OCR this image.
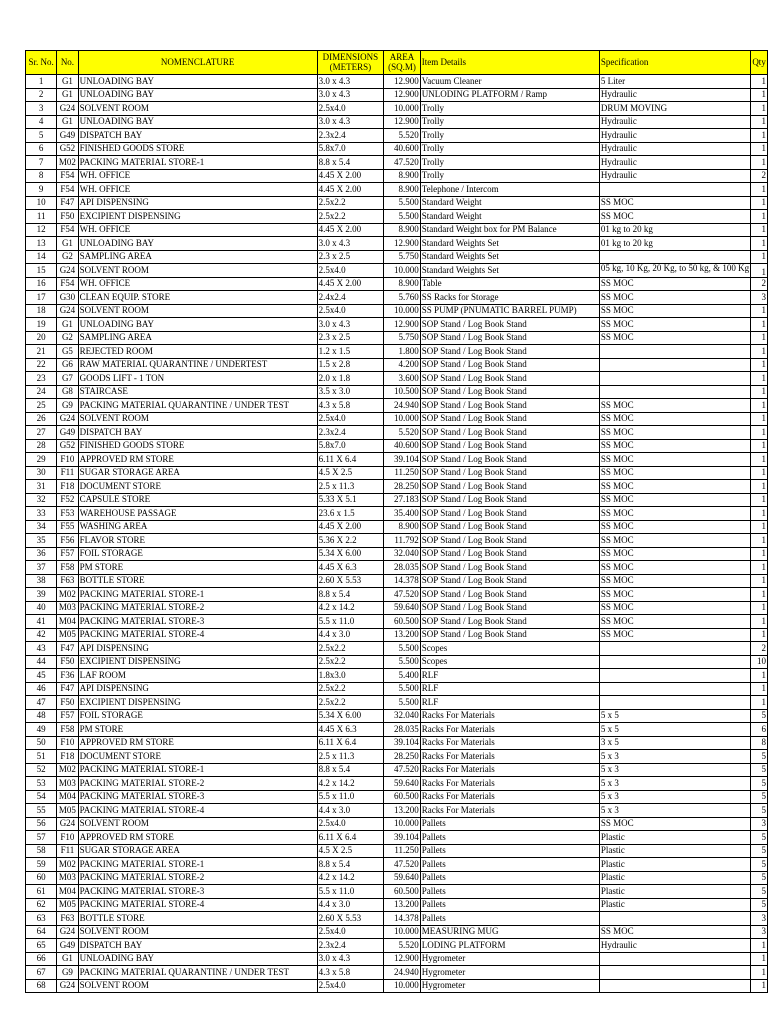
Sr. No.	No.	NOMENCLATURE	DIMENSIONS (METERS)	AREA (SQ.M)	Item Details	Specification	Qty
1	G1	UNLOADING BAY	3.0 x 4.3	12.900	Vacuum Cleaner	5 Liter	1
2	G1	UNLOADING BAY	3.0 x 4.3	12.900	UNLODING PLATFORM / Ramp	Hydraulic	1
3	G24	SOLVENT ROOM	2.5x4.0	10.000	Trolly	DRUM MOVING	1
4	G1	UNLOADING BAY	3.0 x 4.3	12.900	Trolly	Hydraulic	1
5	G49	DISPATCH BAY	2.3x2.4	5.520	Trolly	Hydraulic	1
6	G52	FINISHED GOODS STORE	5.8x7.0	40.600	Trolly	Hydraulic	1
7	M02	PACKING MATERIAL STORE-1	8.8 x 5.4	47.520	Trolly	Hydraulic	1
8	F54	WH. OFFICE	4.45 X 2.00	8.900	Trolly	Hydraulic	2
9	F54	WH. OFFICE	4.45 X 2.00	8.900	Telephone / Intercom		1
10	F47	API DISPENSING	2.5x2.2	5.500	Standard Weight	SS MOC	1
11	F50	EXCIPIENT DISPENSING	2.5x2.2	5.500	Standard Weight	SS MOC	1
12	F54	WH. OFFICE	4.45 X 2.00	8.900	Standard Weight box for PM Balance	01 kg to 20 kg	1
13	G1	UNLOADING BAY	3.0 x 4.3	12.900	Standard Weights Set	01 kg to 20 kg	1
14	G2	SAMPLING AREA	2.3 x 2.5	5.750	Standard Weights Set		1
15	G24	SOLVENT ROOM	2.5x4.0	10.000	Standard Weights Set	05 kg, 10 Kg, 20 Kg, to 50 kg, & 100 Kg	1
16	F54	WH. OFFICE	4.45 X 2.00	8.900	Table	SS MOC	2
17	G30	CLEAN EQUIP. STORE	2.4x2.4	5.760	SS Racks for Storage	SS MOC	3
18	G24	SOLVENT ROOM	2.5x4.0	10.000	SS PUMP (PNUMATIC BARREL PUMP)	SS MOC	1
19	G1	UNLOADING BAY	3.0 x 4.3	12.900	SOP Stand / Log Book Stand	SS MOC	1
20	G2	SAMPLING AREA	2.3 x 2.5	5.750	SOP Stand / Log Book Stand	SS MOC	1
21	G5	REJECTED ROOM	1.2 x 1.5	1.800	SOP Stand / Log Book Stand		1
22	G6	RAW MATERIAL QUARANTINE / UNDERTEST	1.5 x 2.8	4.200	SOP Stand / Log Book Stand		1
23	G7	GOODS LIFT - 1 TON	2.0 x 1.8	3.600	SOP Stand / Log Book Stand		1
24	G8	STAIRCASE	3.5 x 3.0	10.500	SOP Stand / Log Book Stand		1
25	G9	PACKING MATERIAL QUARANTINE / UNDER TEST	4.3 x 5.8	24.940	SOP Stand / Log Book Stand	SS MOC	1
26	G24	SOLVENT ROOM	2.5x4.0	10.000	SOP Stand / Log Book Stand	SS MOC	1
27	G49	DISPATCH BAY	2.3x2.4	5.520	SOP Stand / Log Book Stand	SS MOC	1
28	G52	FINISHED GOODS STORE	5.8x7.0	40.600	SOP Stand / Log Book Stand	SS MOC	1
29	F10	APPROVED RM STORE	6.11 X 6.4	39.104	SOP Stand / Log Book Stand	SS MOC	1
30	F11	SUGAR STORAGE AREA	4.5 X 2.5	11.250	SOP Stand / Log Book Stand	SS MOC	1
31	F18	DOCUMENT STORE	2.5 x 11.3	28.250	SOP Stand / Log Book Stand	SS MOC	1
32	F52	CAPSULE STORE	5.33 X 5.1	27.183	SOP Stand / Log Book Stand	SS MOC	1
33	F53	WAREHOUSE PASSAGE	23.6 x 1.5	35.400	SOP Stand / Log Book Stand	SS MOC	1
34	F55	WASHING AREA	4.45 X 2.00	8.900	SOP Stand / Log Book Stand	SS MOC	1
35	F56	FLAVOR STORE	5.36 X 2.2	11.792	SOP Stand / Log Book Stand	SS MOC	1
36	F57	FOIL STORAGE	5.34 X 6.00	32.040	SOP Stand / Log Book Stand	SS MOC	1
37	F58	PM STORE	4.45 X 6.3	28.035	SOP Stand / Log Book Stand	SS MOC	1
38	F63	BOTTLE STORE	2.60 X 5.53	14.378	SOP Stand / Log Book Stand	SS MOC	1
39	M02	PACKING MATERIAL STORE-1	8.8 x 5.4	47.520	SOP Stand / Log Book Stand	SS MOC	1
40	M03	PACKING MATERIAL STORE-2	4.2 x 14.2	59.640	SOP Stand / Log Book Stand	SS MOC	1
41	M04	PACKING MATERIAL STORE-3	5.5 x 11.0	60.500	SOP Stand / Log Book Stand	SS MOC	1
42	M05	PACKING MATERIAL STORE-4	4.4 x 3.0	13.200	SOP Stand / Log Book Stand	SS MOC	1
43	F47	API DISPENSING	2.5x2.2	5.500	Scopes		2
44	F50	EXCIPIENT DISPENSING	2.5x2.2	5.500	Scopes		10
45	F36	LAF ROOM	1.8x3.0	5.400	RLF		1
46	F47	API DISPENSING	2.5x2.2	5.500	RLF		1
47	F50	EXCIPIENT DISPENSING	2.5x2.2	5.500	RLF		1
48	F57	FOIL STORAGE	5.34 X 6.00	32.040	Racks For Materials	5 x 5	5
49	F58	PM STORE	4.45 X 6.3	28.035	Racks For Materials	5 x 5	6
50	F10	APPROVED RM STORE	6.11 X 6.4	39.104	Racks For Materials	3 x 5	8
51	F18	DOCUMENT STORE	2.5 x 11.3	28.250	Racks For Materials	5 x 3	5
52	M02	PACKING MATERIAL STORE-1	8.8 x 5.4	47.520	Racks For Materials	5 x 3	5
53	M03	PACKING MATERIAL STORE-2	4.2 x 14.2	59.640	Racks For Materials	5 x 3	5
54	M04	PACKING MATERIAL STORE-3	5.5 x 11.0	60.500	Racks For Materials	5 x 3	5
55	M05	PACKING MATERIAL STORE-4	4.4 x 3.0	13.200	Racks For Materials	5 x 3	5
56	G24	SOLVENT ROOM	2.5x4.0	10.000	Pallets	SS MOC	3
57	F10	APPROVED RM STORE	6.11 X 6.4	39.104	Pallets	Plastic	5
58	F11	SUGAR STORAGE AREA	4.5 X 2.5	11.250	Pallets	Plastic	5
59	M02	PACKING MATERIAL STORE-1	8.8 x 5.4	47.520	Pallets	Plastic	5
60	M03	PACKING MATERIAL STORE-2	4.2 x 14.2	59.640	Pallets	Plastic	5
61	M04	PACKING MATERIAL STORE-3	5.5 x 11.0	60.500	Pallets	Plastic	5
62	M05	PACKING MATERIAL STORE-4	4.4 x 3.0	13.200	Pallets	Plastic	5
63	F63	BOTTLE STORE	2.60 X 5.53	14.378	Pallets		3
64	G24	SOLVENT ROOM	2.5x4.0	10.000	MEASURING MUG	SS MOC	3
65	G49	DISPATCH BAY	2.3x2.4	5.520	LODING PLATFORM	Hydraulic	1
66	G1	UNLOADING BAY	3.0 x 4.3	12.900	Hygrometer		1
67	G9	PACKING MATERIAL QUARANTINE / UNDER TEST	4.3 x 5.8	24.940	Hygrometer		1
68	G24	SOLVENT ROOM	2.5x4.0	10.000	Hygrometer		1
